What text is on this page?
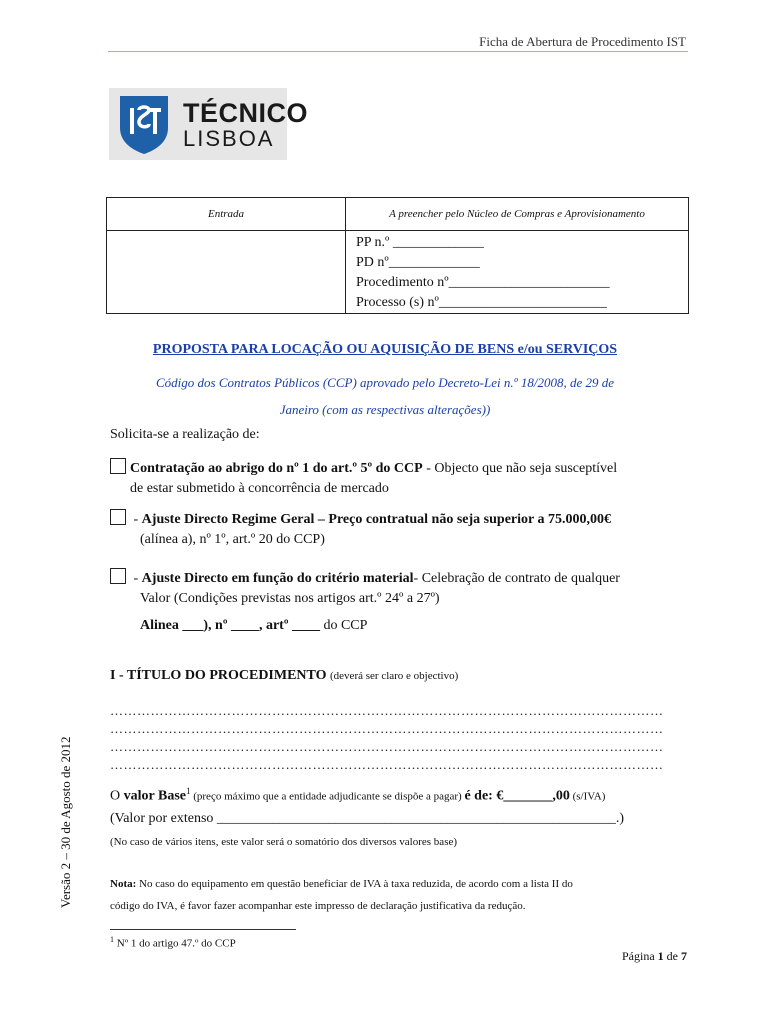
Ficha de Abertura de Procedimento IST
TÉCNICO
LISBOA
Entrada	A preencher pelo Núcleo de Compras e Aprovisionamento

	PP n.º _____________
PD nº_____________
Procedimento nº_______________________
Processo (s) nº________________________
PROPOSTA PARA LOCAÇÃO OU AQUISIÇÃO DE BENS e/ou SERVIÇOS
Código dos Contratos Públicos (CCP) aprovado pelo Decreto-Lei n.º 18/2008, de 29 de
Janeiro (com as respectivas alterações))
Solicita-se a realização de:
Contratação ao abrigo do nº 1 do art.º 5º do CCP - Objecto que não seja susceptível
de estar submetido à concorrência de mercado
- Ajuste Directo Regime Geral – Preço contratual não seja superior a 75.000,00€
(alínea a), nº 1º, art.º 20 do CCP)
- Ajuste Directo em função do critério material- Celebração de contrato de qualquer
Valor (Condições previstas nos artigos art.º 24º a 27º)
Alinea ___), nº ____, artº ____ do CCP
I - TÍTULO DO PROCEDIMENTO (deverá ser claro e objectivo)
……………………………………………………………………………………………………………
……………………………………………………………………………………………………………
……………………………………………………………………………………………………………
……………………………………………………………………………………………………………
O valor Base$^1$ (preço máximo que a entidade adjudicante se dispõe a pagar) é de: €_______,00 (s/IVA)
(Valor por extenso _________________________________________________________.)
(No caso de vários itens, este valor será o somatório dos diversos valores base)
Nota: No caso do equipamento em questão beneficiar de IVA à taxa reduzida, de acordo com a lista II do
código do IVA, é favor fazer acompanhar este impresso de declaração justificativa da redução.
$^1$ Nº 1 do artigo 47.º do CCP
Página 1 de 7
Versão 2 – 30 de Agosto de 2012
